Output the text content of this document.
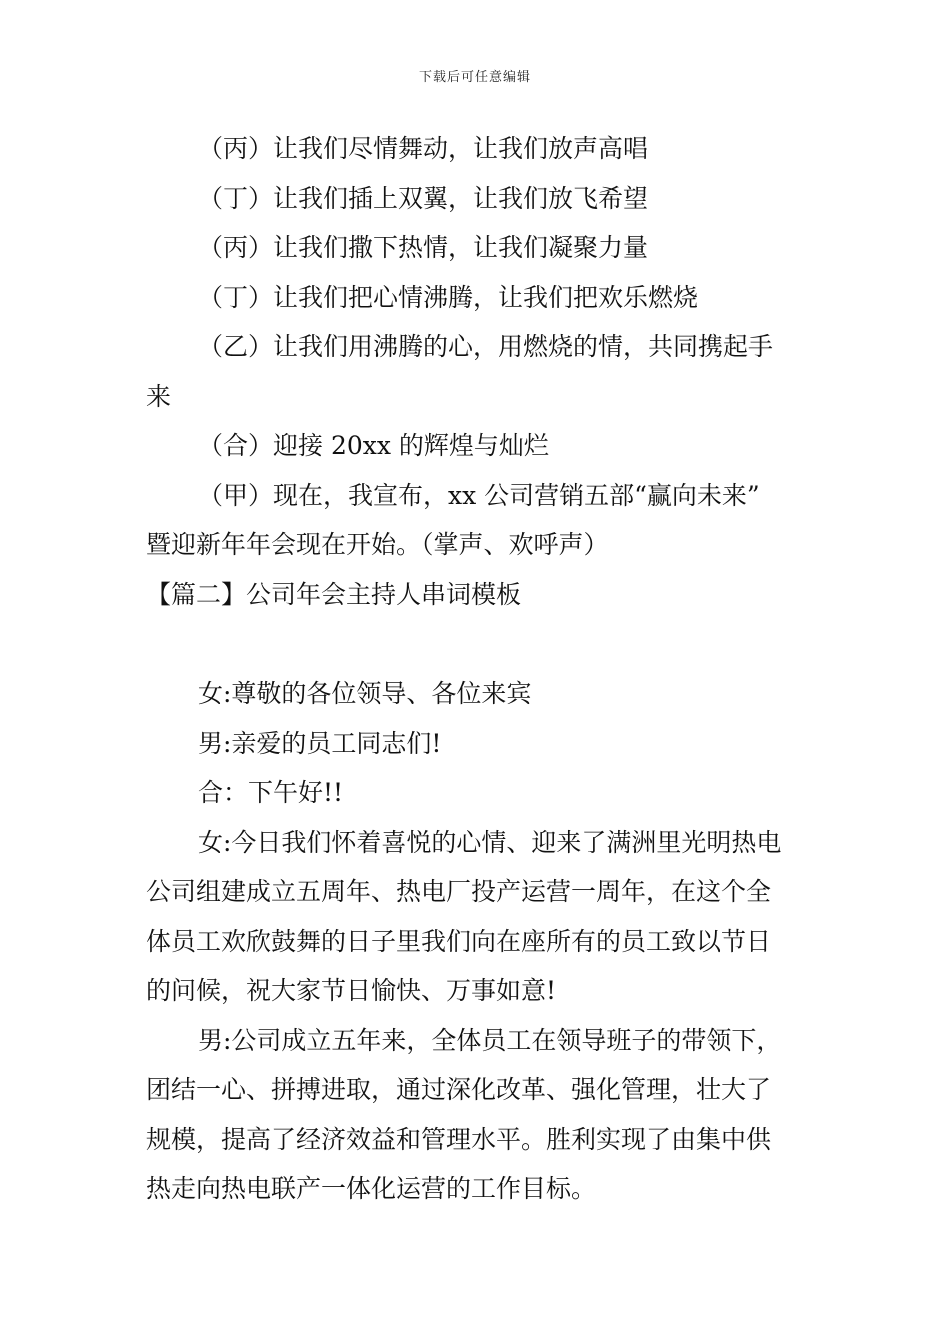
下载后可任意编辑
（丙）让我们尽情舞动，让我们放声高唱
（丁）让我们插上双翼，让我们放飞希望
（丙）让我们撒下热情，让我们凝聚力量
（丁）让我们把心情沸腾，让我们把欢乐燃烧
（乙）让我们用沸腾的心，用燃烧的情，共同携起手
来
（合）迎接 20xx 的辉煌与灿烂
（甲）现在，我宣布，xx 公司营销五部“赢向未来”
暨迎新年年会现在开始。（掌声、欢呼声）
【篇二】公司年会主持人串词模板
女:尊敬的各位领导、各位来宾
男:亲爱的员工同志们!
合：下午好!!
女:今日我们怀着喜悦的心情、迎来了满洲里光明热电
公司组建成立五周年、热电厂投产运营一周年，在这个全
体员工欢欣鼓舞的日子里我们向在座所有的员工致以节日
的问候，祝大家节日愉快、万事如意!
男:公司成立五年来，全体员工在领导班子的带领下，
团结一心、拼搏进取，通过深化改革、强化管理，壮大了
规模，提高了经济效益和管理水平。胜利实现了由集中供
热走向热电联产一体化运营的工作目标。
